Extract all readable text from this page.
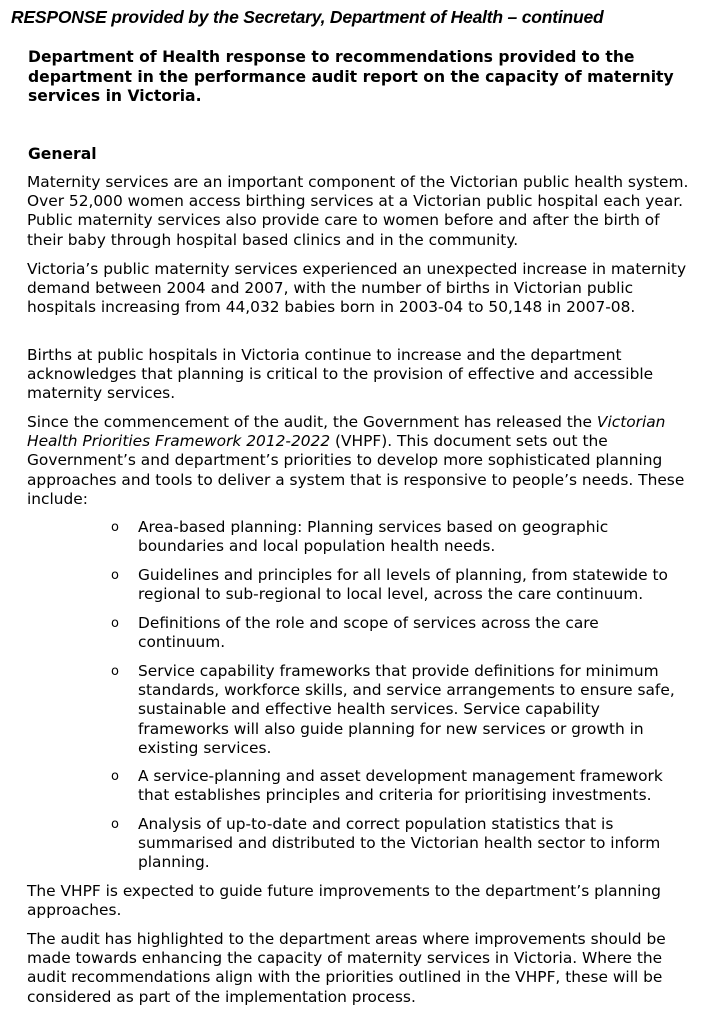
RESPONSE provided by the Secretary, Department of Health – continued
Department of Health response to recommendations provided to the department in the performance audit report on the capacity of maternity services in Victoria.
General

Maternity services are an important component of the Victorian public health system. Over 52,000 women access birthing services at a Victorian public hospital each year. Public maternity services also provide care to women before and after the birth of their baby through hospital based clinics and in the community.

Victoria’s public maternity services experienced an unexpected increase in maternity demand between 2004 and 2007, with the number of births in Victorian public hospitals increasing from 44,032 babies born in 2003-04 to 50,148 in 2007-08.

Births at public hospitals in Victoria continue to increase and the department acknowledges that planning is critical to the provision of effective and accessible maternity services.

Since the commencement of the audit, the Government has released the Victorian Health Priorities Framework 2012-2022 (VHPF). This document sets out the Government’s and department’s priorities to develop more sophisticated planning approaches and tools to deliver a system that is responsive to people’s needs. These include:

o	Area-based planning: Planning services based on geographic boundaries and local population health needs.
o	Guidelines and principles for all levels of planning, from statewide to regional to sub-regional to local level, across the care continuum.
o	Definitions of the role and scope of services across the care continuum.
o	Service capability frameworks that provide definitions for minimum standards, workforce skills, and service arrangements to ensure safe, sustainable and effective health services. Service capability frameworks will also guide planning for new services or growth in existing services.
o	A service-planning and asset development management framework that establishes principles and criteria for prioritising investments.
o	Analysis of up-to-date and correct population statistics that is summarised and distributed to the Victorian health sector to inform planning.

The VHPF is expected to guide future improvements to the department’s planning approaches.

The audit has highlighted to the department areas where improvements should be made towards enhancing the capacity of maternity services in Victoria. Where the audit recommendations align with the priorities outlined in the VHPF, these will be considered as part of the implementation process.
